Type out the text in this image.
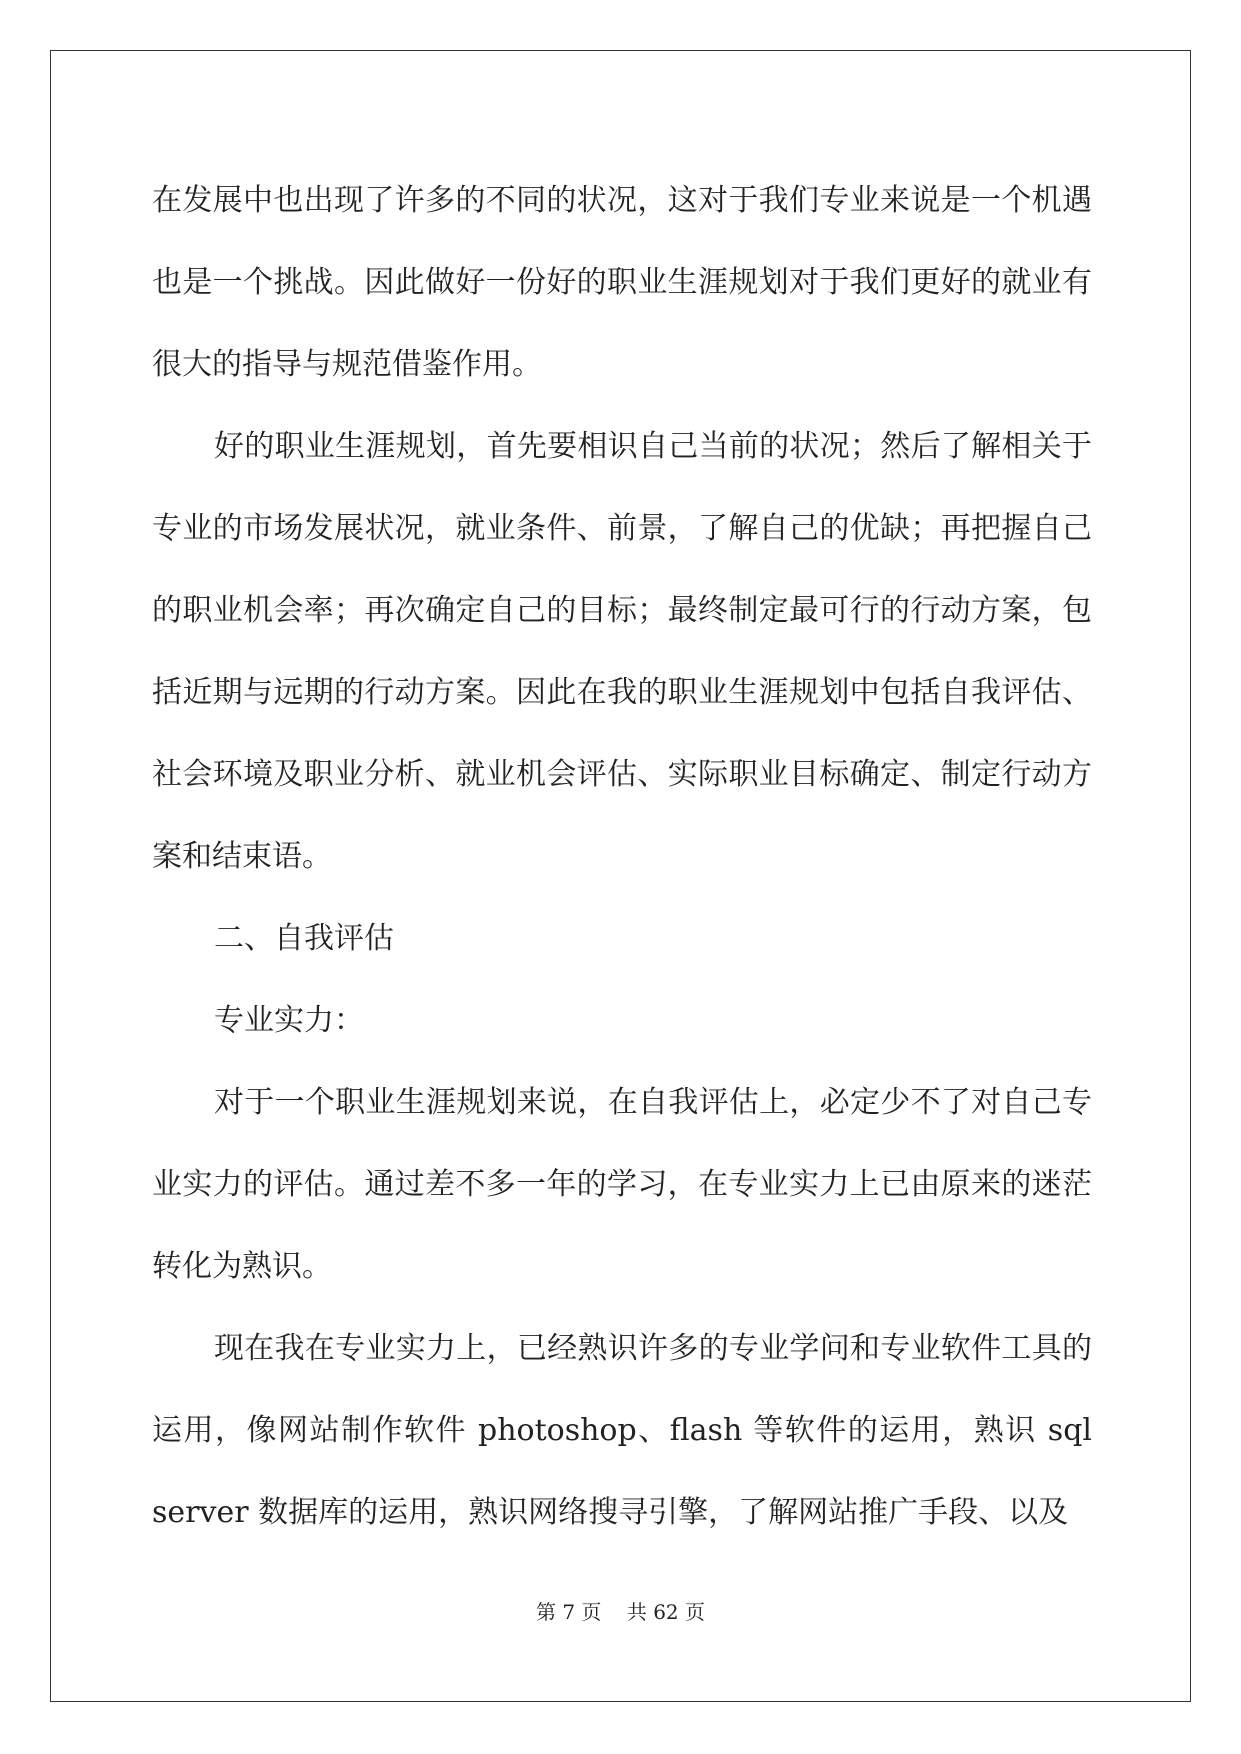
在发展中也出现了许多的不同的状况，这对于我们专业来说是一个机遇也是一个挑战。因此做好一份好的职业生涯规划对于我们更好的就业有很大的指导与规范借鉴作用。

好的职业生涯规划，首先要相识自己当前的状况；然后了解相关于专业的市场发展状况，就业条件、前景，了解自己的优缺；再把握自己的职业机会率；再次确定自己的目标；最终制定最可行的行动方案，包括近期与远期的行动方案。因此在我的职业生涯规划中包括自我评估、社会环境及职业分析、就业机会评估、实际职业目标确定、制定行动方案和结束语。

二、自我评估

专业实力：

对于一个职业生涯规划来说，在自我评估上，必定少不了对自己专业实力的评估。通过差不多一年的学习，在专业实力上已由原来的迷茫转化为熟识。

现在我在专业实力上，已经熟识许多的专业学问和专业软件工具的运用，像网站制作软件 photoshop、flash 等软件的运用，熟识 sql server 数据库的运用，熟识网络搜寻引擎，了解网站推广手段、以及

第 7 页    共 62 页
